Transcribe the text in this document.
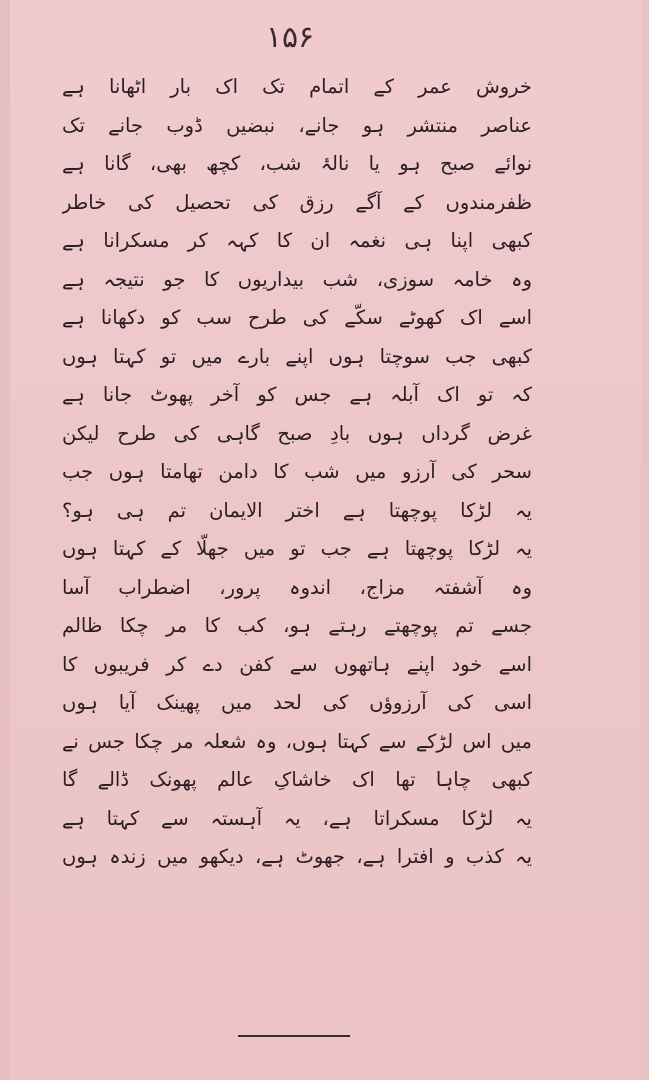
۱۵۶
خروش عمر کے اتمام تک اک بار اٹھانا ہے
عناصر منتشر ہو جانے، نبضیں ڈوب جانے تک
نوائے صبح ہو یا نالۂ شب، کچھ بھی، گانا ہے
ظفرمندوں کے آگے رزق کی تحصیل کی خاطر
کبھی اپنا ہی نغمہ ان کا کہہ کر مسکرانا ہے
وہ خامہ سوزی، شب بیداریوں کا جو نتیجہ ہے
اسے اک کھوٹے سکّے کی طرح سب کو دکھانا ہے
کبھی جب سوچتا ہوں اپنے بارے میں تو کہتا ہوں
کہ تو اک آبلہ ہے جس کو آخر پھوٹ جانا ہے
غرض گرداں ہوں بادِ صبح گاہی کی طرح لیکن
سحر کی آرزو میں شب کا دامن تھامتا ہوں جب
یہ لڑکا پوچھتا ہے اختر الایمان تم ہی ہو؟
یہ لڑکا پوچھتا ہے جب تو میں جھلّا کے کہتا ہوں
وہ آشفتہ مزاج، اندوہ پرور، اضطراب آسا
جسے تم پوچھتے رہتے ہو، کب کا مر چکا ظالم
اسے خود اپنے ہاتھوں سے کفن دے کر فریبوں کا
اسی کی آرزوؤں کی لحد میں پھینک آیا ہوں
میں اس لڑکے سے کہتا ہوں، وہ شعلہ مر چکا جس نے
کبھی چاہا تھا اک خاشاکِ عالم پھونک ڈالے گا
یہ لڑکا مسکراتا ہے، یہ آہستہ سے کہتا ہے
یہ کذب و افترا ہے، جھوٹ ہے، دیکھو میں زندہ ہوں
